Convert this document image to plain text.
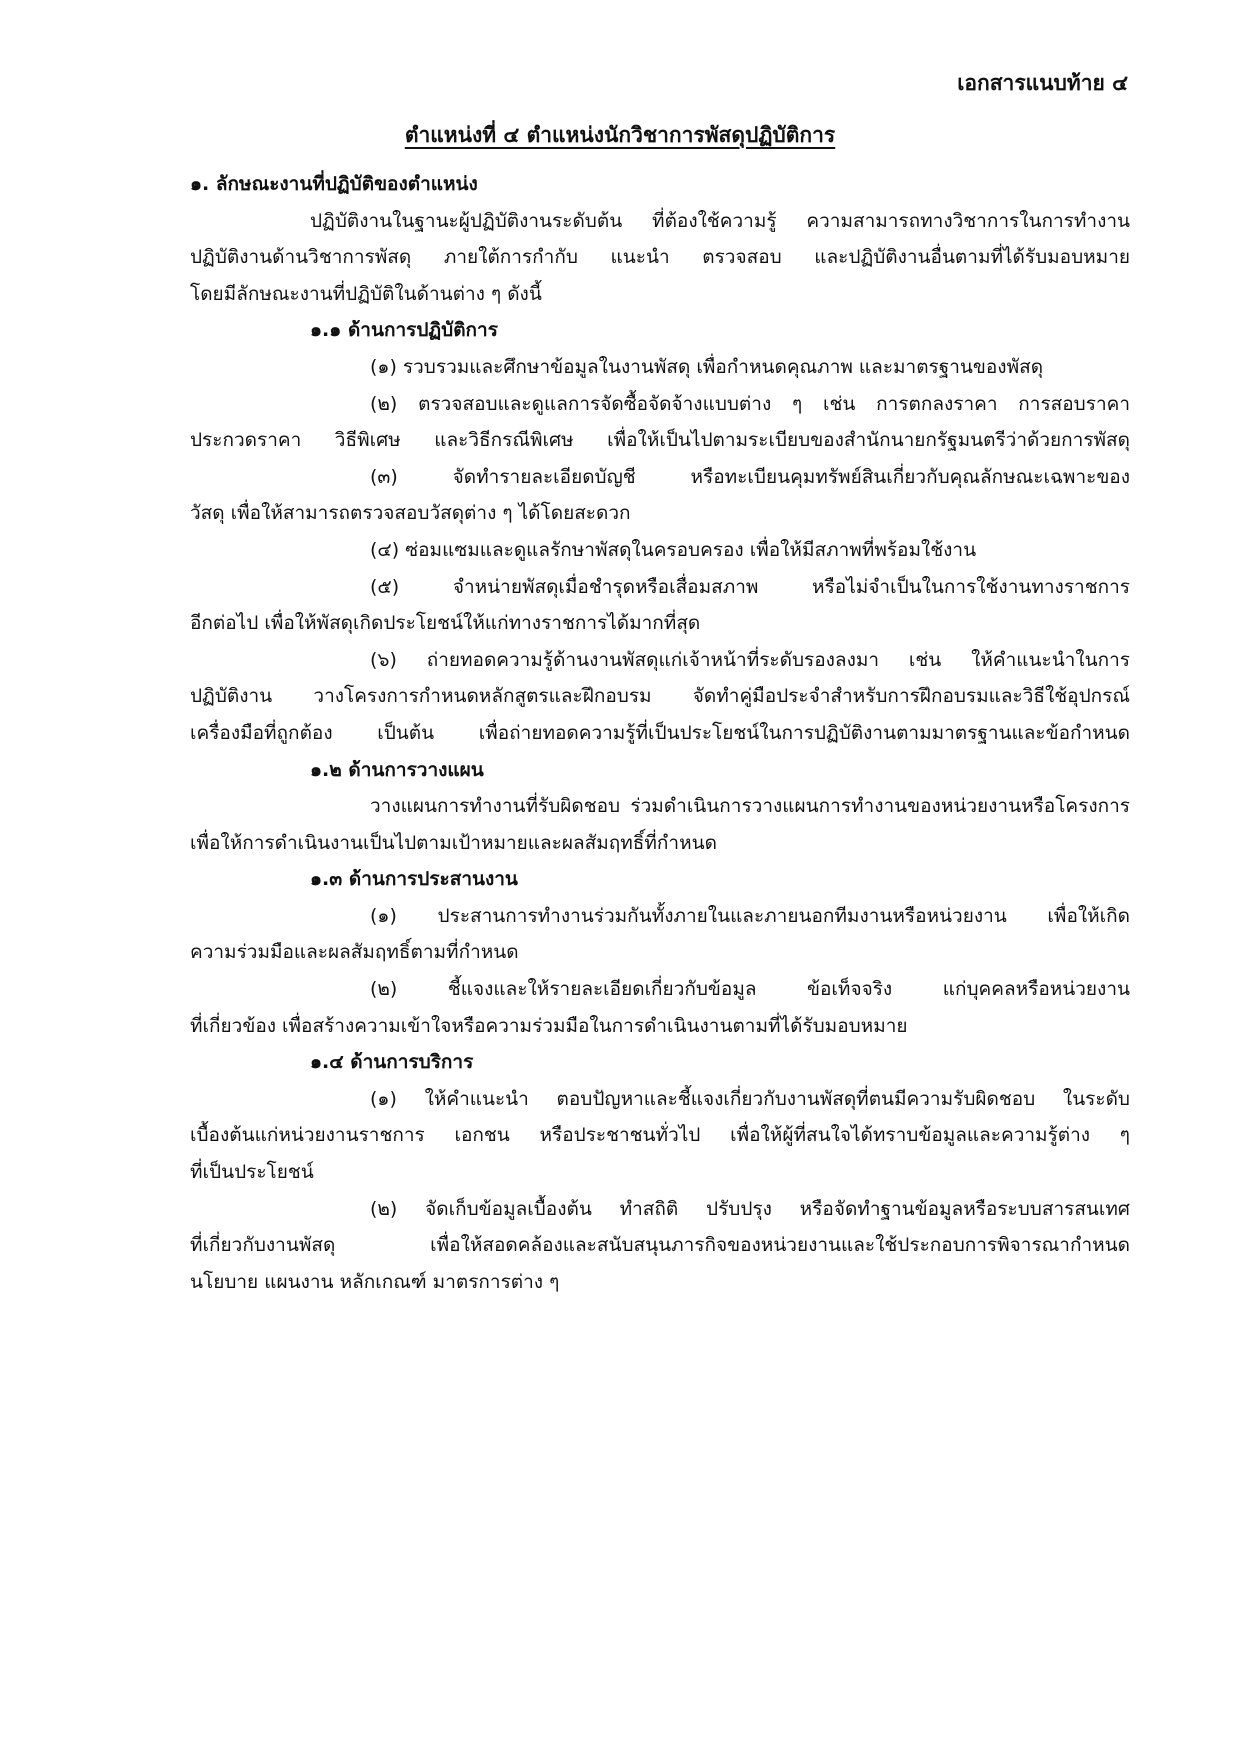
เอกสารแนบท้าย ๔
ตำแหน่งที่ ๔ ตำแหน่งนักวิชาการพัสดุปฏิบัติการ
๑. ลักษณะงานที่ปฏิบัติของตำแหน่ง
ปฏิบัติงานในฐานะผู้ปฏิบัติงานระดับต้น ที่ต้องใช้ความรู้ ความสามารถทางวิชาการในการทำงาน
ปฏิบัติงานด้านวิชาการพัสดุ ภายใต้การกำกับ แนะนำ ตรวจสอบ และปฏิบัติงานอื่นตามที่ได้รับมอบหมาย
โดยมีลักษณะงานที่ปฏิบัติในด้านต่าง ๆ ดังนี้
๑.๑ ด้านการปฏิบัติการ
(๑) รวบรวมและศึกษาข้อมูลในงานพัสดุ เพื่อกำหนดคุณภาพ และมาตรฐานของพัสดุ
(๒) ตรวจสอบและดูแลการจัดซื้อจัดจ้างแบบต่าง ๆ เช่น การตกลงราคา การสอบราคา
ประกวดราคา วิธีพิเศษ และวิธีกรณีพิเศษ เพื่อให้เป็นไปตามระเบียบของสำนักนายกรัฐมนตรีว่าด้วยการพัสดุ
(๓) จัดทำรายละเอียดบัญชี หรือทะเบียนคุมทรัพย์สินเกี่ยวกับคุณลักษณะเฉพาะของ
วัสดุ เพื่อให้สามารถตรวจสอบวัสดุต่าง ๆ ได้โดยสะดวก
(๔) ซ่อมแซมและดูแลรักษาพัสดุในครอบครอง เพื่อให้มีสภาพที่พร้อมใช้งาน
(๕) จำหน่ายพัสดุเมื่อชำรุดหรือเสื่อมสภาพ หรือไม่จำเป็นในการใช้งานทางราชการ
อีกต่อไป เพื่อให้พัสดุเกิดประโยชน์ให้แก่ทางราชการได้มากที่สุด
(๖) ถ่ายทอดความรู้ด้านงานพัสดุแก่เจ้าหน้าที่ระดับรองลงมา เช่น ให้คำแนะนำในการ
ปฏิบัติงาน วางโครงการกำหนดหลักสูตรและฝึกอบรม จัดทำคู่มือประจำสำหรับการฝึกอบรมและวิธีใช้อุปกรณ์
เครื่องมือที่ถูกต้อง เป็นต้น เพื่อถ่ายทอดความรู้ที่เป็นประโยชน์ในการปฏิบัติงานตามมาตรฐานและข้อกำหนด
๑.๒ ด้านการวางแผน
วางแผนการทำงานที่รับผิดชอบ ร่วมดำเนินการวางแผนการทำงานของหน่วยงานหรือโครงการ
เพื่อให้การดำเนินงานเป็นไปตามเป้าหมายและผลสัมฤทธิ์ที่กำหนด
๑.๓ ด้านการประสานงาน
(๑) ประสานการทำงานร่วมกันทั้งภายในและภายนอกทีมงานหรือหน่วยงาน เพื่อให้เกิด
ความร่วมมือและผลสัมฤทธิ์ตามที่กำหนด
(๒) ชี้แจงและให้รายละเอียดเกี่ยวกับข้อมูล ข้อเท็จจริง แก่บุคคลหรือหน่วยงาน
ที่เกี่ยวข้อง เพื่อสร้างความเข้าใจหรือความร่วมมือในการดำเนินงานตามที่ได้รับมอบหมาย
๑.๔ ด้านการบริการ
(๑) ให้คำแนะนำ ตอบปัญหาและชี้แจงเกี่ยวกับงานพัสดุที่ตนมีความรับผิดชอบ ในระดับ
เบื้องต้นแก่หน่วยงานราชการ เอกชน หรือประชาชนทั่วไป เพื่อให้ผู้ที่สนใจได้ทราบข้อมูลและความรู้ต่าง ๆ
ที่เป็นประโยชน์
(๒) จัดเก็บข้อมูลเบื้องต้น ทำสถิติ ปรับปรุง หรือจัดทำฐานข้อมูลหรือระบบสารสนเทศ
ที่เกี่ยวกับงานพัสดุ เพื่อให้สอดคล้องและสนับสนุนภารกิจของหน่วยงานและใช้ประกอบการพิจารณากำหนด
นโยบาย แผนงาน หลักเกณฑ์ มาตรการต่าง ๆ
